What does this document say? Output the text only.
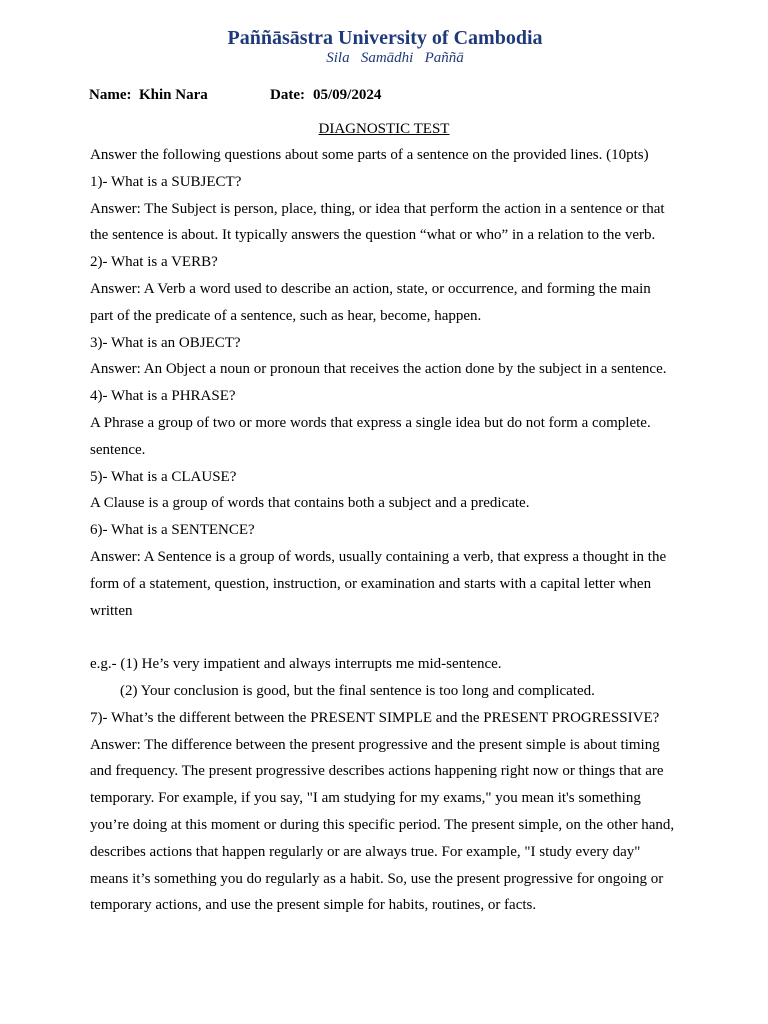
Paññāsāstra University of Cambodia
Sila   Samādhi   Paññā
Name: Khin Nara	Date: 05/09/2024
DIAGNOSTIC TEST
Answer the following questions about some parts of a sentence on the provided lines. (10pts)
1)- What is a SUBJECT?
Answer: The Subject is person, place, thing, or idea that perform the action in a sentence or that
the sentence is about. It typically answers the question “what or who” in a relation to the verb.
2)- What is a VERB?
Answer: A Verb a word used to describe an action, state, or occurrence, and forming the main
part of the predicate of a sentence, such as hear, become, happen.
3)- What is an OBJECT?
Answer: An Object a noun or pronoun that receives the action done by the subject in a sentence.
4)- What is a PHRASE?
A Phrase a group of two or more words that express a single idea but do not form a complete.
sentence.
5)- What is a CLAUSE?
A Clause is a group of words that contains both a subject and a predicate.
6)- What is a SENTENCE?
Answer: A Sentence is a group of words, usually containing a verb, that express a thought in the
form of a statement, question, instruction, or examination and starts with a capital letter when
written
e.g.- (1) He’s very impatient and always interrupts me mid-sentence.
(2) Your conclusion is good, but the final sentence is too long and complicated.
7)- What’s the different between the PRESENT SIMPLE and the PRESENT PROGRESSIVE?
Answer: The difference between the present progressive and the present simple is about timing
and frequency. The present progressive describes actions happening right now or things that are
temporary. For example, if you say, "I am studying for my exams," you mean it's something
you’re doing at this moment or during this specific period. The present simple, on the other hand,
describes actions that happen regularly or are always true. For example, "I study every day"
means it’s something you do regularly as a habit. So, use the present progressive for ongoing or
temporary actions, and use the present simple for habits, routines, or facts.
